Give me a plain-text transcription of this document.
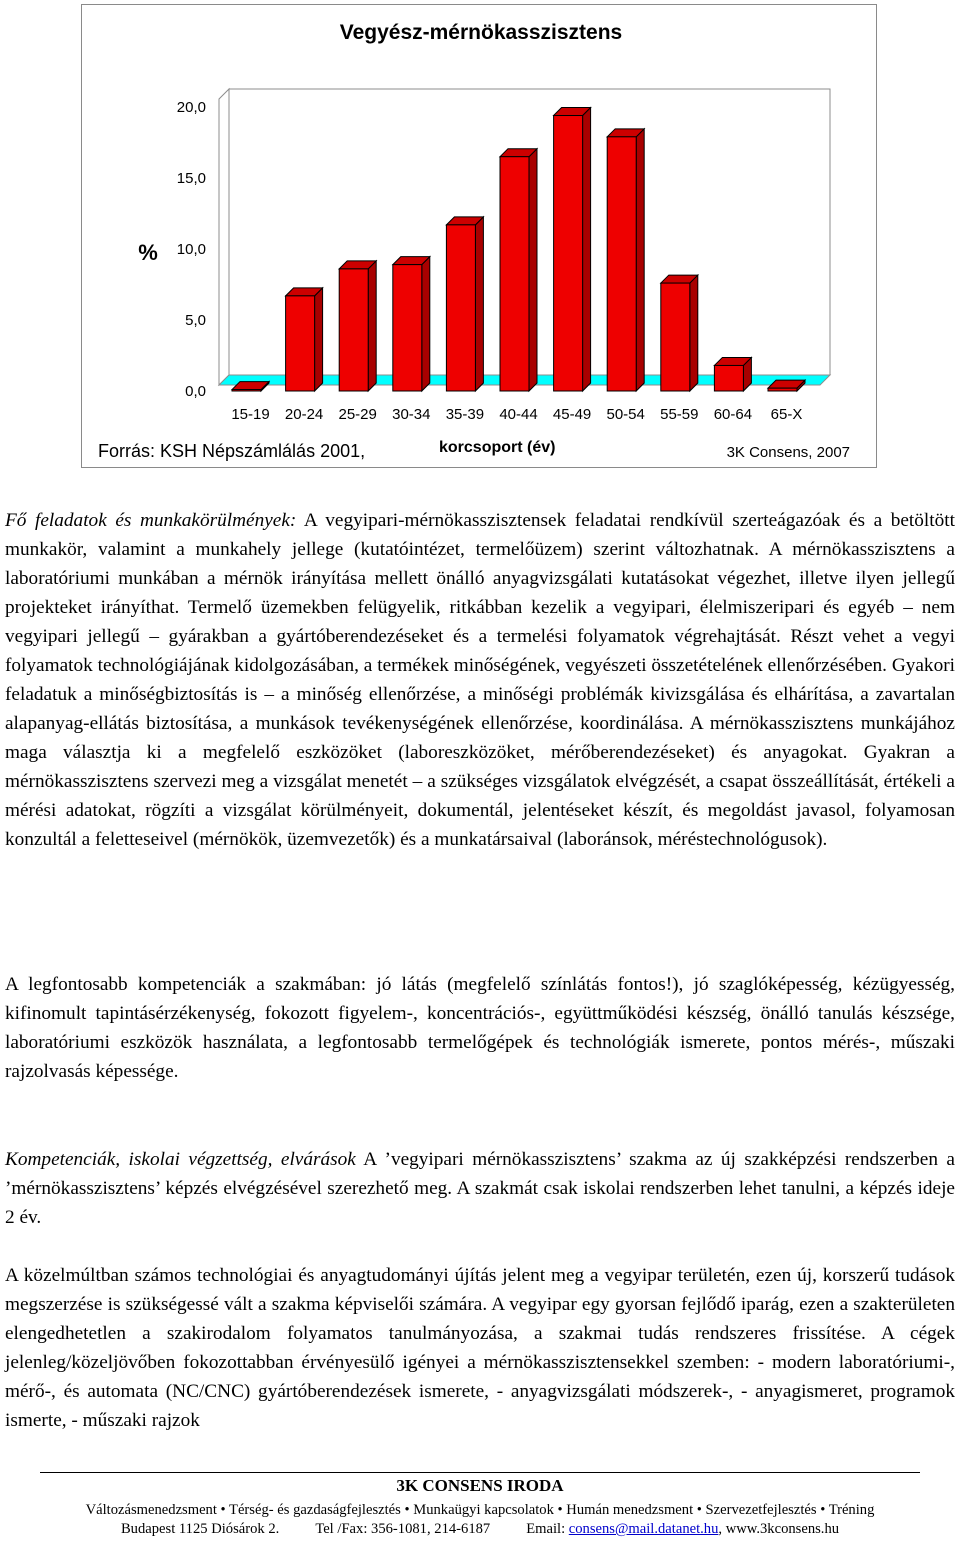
Vegyész-mérnökasszisztens
0,0
5,0
10,0
15,0
20,0
%
15-19 20-24 25-29 30-34 35-39 40-44 45-49 50-54 55-59 60-64 65-X
Forrás: KSH Népszámlálás 2001,	korcsoport (év)	3K Consens, 2007

Fő feladatok és munkakörülmények: A vegyipari-mérnökasszisztensek feladatai rendkívül szerteágazóak és a betöltött munkakör, valamint a munkahely jellege (kutatóintézet, termelőüzem) szerint változhatnak. A mérnökasszisztens a laboratóriumi munkában a mérnök irányítása mellett önálló anyagvizsgálati kutatásokat végezhet, illetve ilyen jellegű projekteket irányíthat. Termelő üzemekben felügyelik, ritkábban kezelik a vegyipari, élelmiszeripari és egyéb – nem vegyipari jellegű – gyárakban a gyártóberendezéseket és a termelési folyamatok végrehajtását. Részt vehet a vegyi folyamatok technológiájának kidolgozásában, a termékek minőségének, vegyészeti összetételének ellenőrzésében. Gyakori feladatuk a minőségbiztosítás is – a minőség ellenőrzése, a minőségi problémák kivizsgálása és elhárítása, a zavartalan alapanyag-ellátás biztosítása, a munkások tevékenységének ellenőrzése, koordinálása. A mérnökasszisztens munkájához maga választja ki a megfelelő eszközöket (laboreszközöket, mérőberendezéseket) és anyagokat. Gyakran a mérnökasszisztens szervezi meg a vizsgálat menetét – a szükséges vizsgálatok elvégzését, a csapat összeállítását, értékeli a mérési adatokat, rögzíti a vizsgálat körülményeit, dokumentál, jelentéseket készít, és megoldást javasol, folyamosan konzultál a feletteseivel (mérnökök, üzemvezetők) és a munkatársaival (laboránsok, méréstechnológusok).

A legfontosabb kompetenciák a szakmában: jó látás (megfelelő színlátás fontos!), jó szaglóképesség, kézügyesség, kifinomult tapintásérzékenység, fokozott figyelem-, koncentrációs-, együttműködési készség, önálló tanulás készsége, laboratóriumi eszközök használata, a legfontosabb termelőgépek és technológiák ismerete, pontos mérés-, műszaki rajzolvasás képessége.

Kompetenciák, iskolai végzettség, elvárások A ’vegyipari mérnökasszisztens’ szakma az új szakképzési rendszerben a ’mérnökasszisztens’ képzés elvégzésével szerezhető meg. A szakmát csak iskolai rendszerben lehet tanulni, a képzés ideje 2 év.

A közelmúltban számos technológiai és anyagtudományi újítás jelent meg a vegyipar területén, ezen új, korszerű tudások megszerzése is szükségessé vált a szakma képviselői számára. A vegyipar egy gyorsan fejlődő iparág, ezen a szakterületen elengedhetetlen a szakirodalom folyamatos tanulmányozása, a szakmai tudás rendszeres frissítése. A cégek jelenleg/közeljövőben fokozottabban érvényesülő igényei a mérnökasszisztensekkel szemben: - modern laboratóriumi-, mérő-, és automata (NC/CNC) gyártóberendezések ismerete, - anyagvizsgálati módszerek-, - anyagismeret, programok ismerte, - műszaki rajzok

3K CONSENS IRODA
Változásmenedzsment • Térség- és gazdaságfejlesztés • Munkaügyi kapcsolatok • Humán menedzsment • Szervezetfejlesztés • Tréning
Budapest 1125 Diósárok 2. Tel /Fax: 356-1081, 214-6187 Email: consens@mail.datanet.hu, www.3kconsens.hu
